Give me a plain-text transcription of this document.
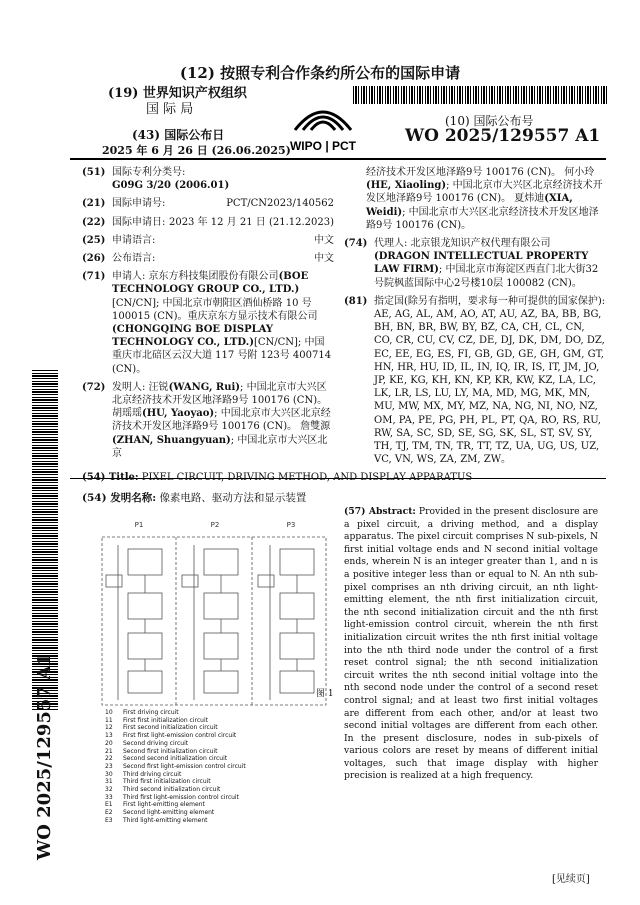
(12) 按照专利合作条约所公布的国际申请
(19) 世界知识产权组织
国 际 局
(43) 国际公布日
2025 年 6 月 26 日 (26.06.2025) WIPO | PCT
(10) 国际公布号
WO 2025/129557 A1
(51) 国际专利分类号:
G09G 3/20 (2006.01)
(21) 国际申请号:	PCT/CN2023/140562
(22) 国际申请日: 2023 年 12 月 21 日 (21.12.2023)
(25) 申请语言:	中文
(26) 公布语言:	中文
(71) 申请人: 京东方科技集团股份有限公司(BOE TECHNOLOGY GROUP CO., LTD.)[CN/CN]; 中国北京市朝阳区酒仙桥路 10 号 100015 (CN)。重庆京东方显示技术有限公司(CHONGQING BOE DISPLAY TECHNOLOGY CO., LTD.)[CN/CN]; 中国重庆市北碚区云汉大道 117 号附 123号 400714 (CN)。
(72) 发明人: 汪锐(WANG, Rui); 中国北京市大兴区北京经济技术开发区地泽路9号 100176 (CN)。胡瑶瑶(HU, Yaoyao); 中国北京市大兴区北京经济技术开发区地泽路9号 100176 (CN)。 詹雙源(ZHAN, Shuangyuan); 中国北京市大兴区北京
经济技术开发区地泽路9号 100176 (CN)。 何小玲(HE, Xiaoling); 中国北京市大兴区北京经济技术开发区地泽路9号 100176 (CN)。 夏炜迪(XIA, Weidi); 中国北京市大兴区北京经济技术开发区地泽路9号 100176 (CN)。
(74) 代理人: 北京银龙知识产权代理有限公司(DRAGON INTELLECTUAL PROPERTY LAW FIRM); 中国北京市海淀区西直门北大街32号院枫蓝国际中心2号楼10层 100082 (CN)。
(81) 指定国(除另有指明，要求每一种可提供的国家保护): AE, AG, AL, AM, AO, AT, AU, AZ, BA, BB, BG, BH, BN, BR, BW, BY, BZ, CA, CH, CL, CN, CO, CR, CU, CV, CZ, DE, DJ, DK, DM, DO, DZ, EC, EE, EG, ES, FI, GB, GD, GE, GH, GM, GT, HN, HR, HU, ID, IL, IN, IQ, IR, IS, IT, JM, JO, JP, KE, KG, KH, KN, KP, KR, KW, KZ, LA, LC, LK, LR, LS, LU, LY, MA, MD, MG, MK, MN, MU, MW, MX, MY, MZ, NA, NG, NI, NO, NZ, OM, PA, PE, PG, PH, PL, PT, QA, RO, RS, RU, RW, SA, SC, SD, SE, SG, SK, SL, ST, SV, SY, TH, TJ, TM, TN, TR, TT, TZ, UA, UG, US, UZ, VC, VN, WS, ZA, ZM, ZW。
(54) Title: PIXEL CIRCUIT, DRIVING METHOD, AND DISPLAY APPARATUS
(54) 发明名称: 像素电路、驱动方法和显示装置
P1	P2	P3
图 1
10 First driving circuit
11 First first initialization circuit
12 First second initialization circuit
13 First first light-emission control circuit
20 Second driving circuit
21 Second first initialization circuit
22 Second second initialization circuit
23 Second first light-emission control circuit
30 Third driving circuit
31 Third first initialization circuit
32 Third second initialization circuit
33 Third first light-emission control circuit
E1 First light-emitting element
E2 Second light-emitting element
E3 Third light-emitting element
(57) Abstract: Provided in the present disclosure are a pixel circuit, a driving method, and a display apparatus. The pixel circuit comprises N sub-pixels, N first initial voltage ends and N second initial voltage ends, wherein N is an integer greater than 1, and n is a positive integer less than or equal to N. An nth sub-pixel comprises an nth driving circuit, an nth light-emitting element, the nth first initialization circuit, the nth second initialization circuit and the nth first light-emission control circuit, wherein the nth first initialization circuit writes the nth first initial voltage into the nth third node under the control of a first reset control signal; the nth second initialization circuit writes the nth second initial voltage into the nth second node under the control of a second reset control signal; and at least two first initial voltages are different from each other, and/or at least two second initial voltages are different from each other. In the present disclosure, nodes in sub-pixels of various colors are reset by means of different initial voltages, such that image display with higher precision is realized at a high frequency.
WO 2025/129557 A1
[见续页]
